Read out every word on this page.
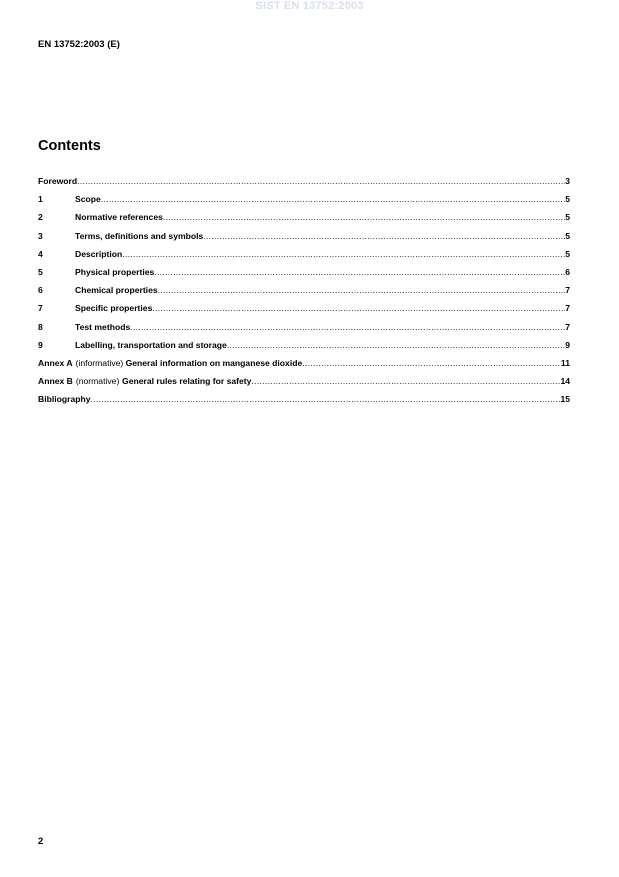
SIST EN 13752:2003
EN 13752:2003 (E)
Contents
Foreword .....	3
1	Scope .....	5
2	Normative references .....	5
3	Terms, definitions and symbols .....	5
4	Description .....	5
5	Physical properties .....	6
6	Chemical properties .....	7
7	Specific properties .....	7
8	Test methods .....	7
9	Labelling, transportation and storage .....	9
Annex A (informative) General information on manganese dioxide .....	11
Annex B (normative) General rules relating for safety .....	14
Bibliography .....	15
2
